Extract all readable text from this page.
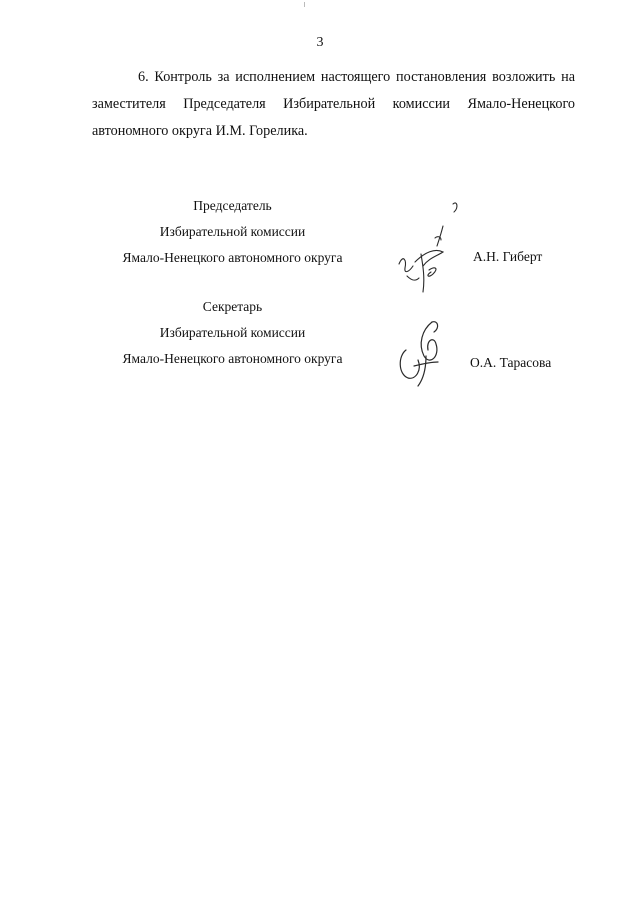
3

6. Контроль за исполнением настоящего постановления возложить на заместителя Председателя Избирательной комиссии Ямало-Ненецкого автономного округа И.М. Горелика.

Председатель
Избирательной комиссии
Ямало-Ненецкого автономного округа	А.Н. Гиберт
Секретарь
Избирательной комиссии
Ямало-Ненецкого автономного округа	О.А. Тарасова
